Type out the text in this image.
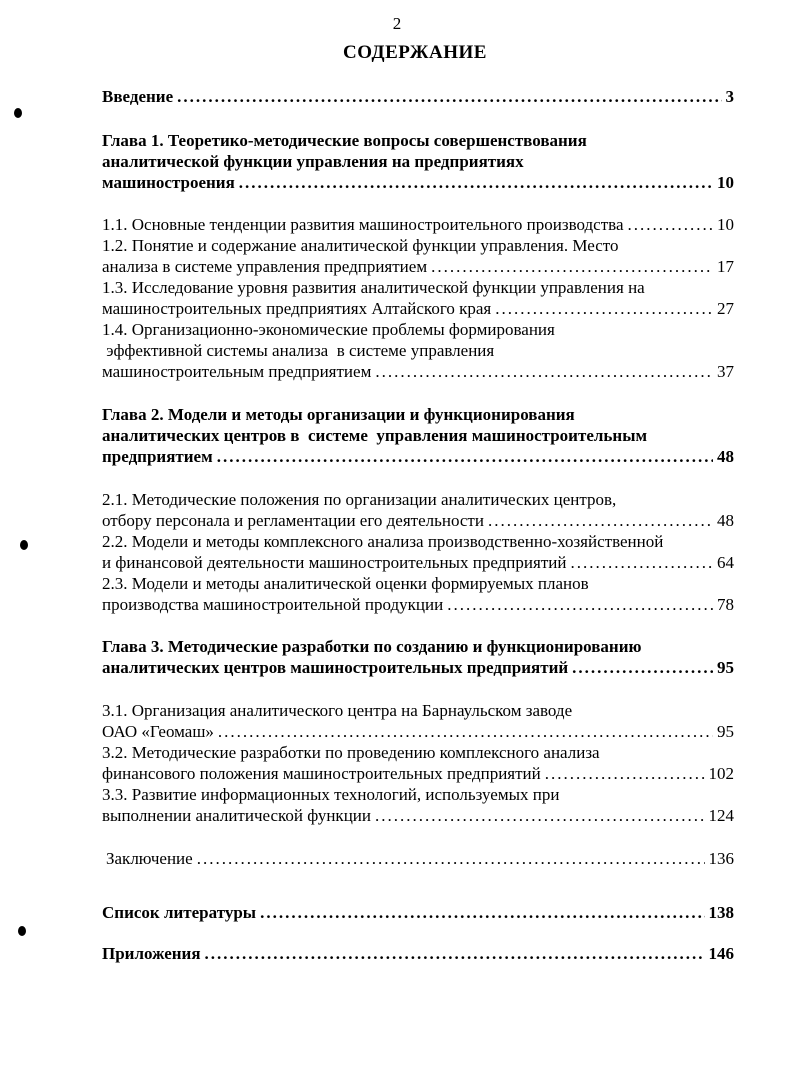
2
СОДЕРЖАНИЕ
Введение .....	3
Глава 1. Теоретико-методические вопросы совершенствования
аналитической функции управления на предприятиях
машиностроения .....	10
1.1. Основные тенденции развития машиностроительного производства .....	10
1.2. Понятие и содержание аналитической функции управления. Место
анализа в системе управления предприятием .....	17
1.3. Исследование уровня развития аналитической функции управления на
машиностроительных предприятиях Алтайского края .....	27
1.4. Организационно-экономические проблемы формирования
эффективной системы анализа  в системе управления
машиностроительным предприятием .....	37
Глава 2. Модели и методы организации и функционирования
аналитических центров в  системе  управления машиностроительным
предприятием .....	48
2.1. Методические положения по организации аналитических центров,
отбору персонала и регламентации его деятельности .....	48
2.2. Модели и методы комплексного анализа производственно-хозяйственной
и финансовой деятельности машиностроительных предприятий .....	64
2.3. Модели и методы аналитической оценки формируемых планов
производства машиностроительной продукции .....	78
Глава 3. Методические разработки по созданию и функционированию
аналитических центров машиностроительных предприятий .....	95
3.1. Организация аналитического центра на Барнаульском заводе
ОАО «Геомаш» .....	95
3.2. Методические разработки по проведению комплексного анализа
финансового положения машиностроительных предприятий .....	102
3.3. Развитие информационных технологий, используемых при
выполнении аналитической функции .....	124
Заключение .....	136
Список литературы .....	138
Приложения .....	146
